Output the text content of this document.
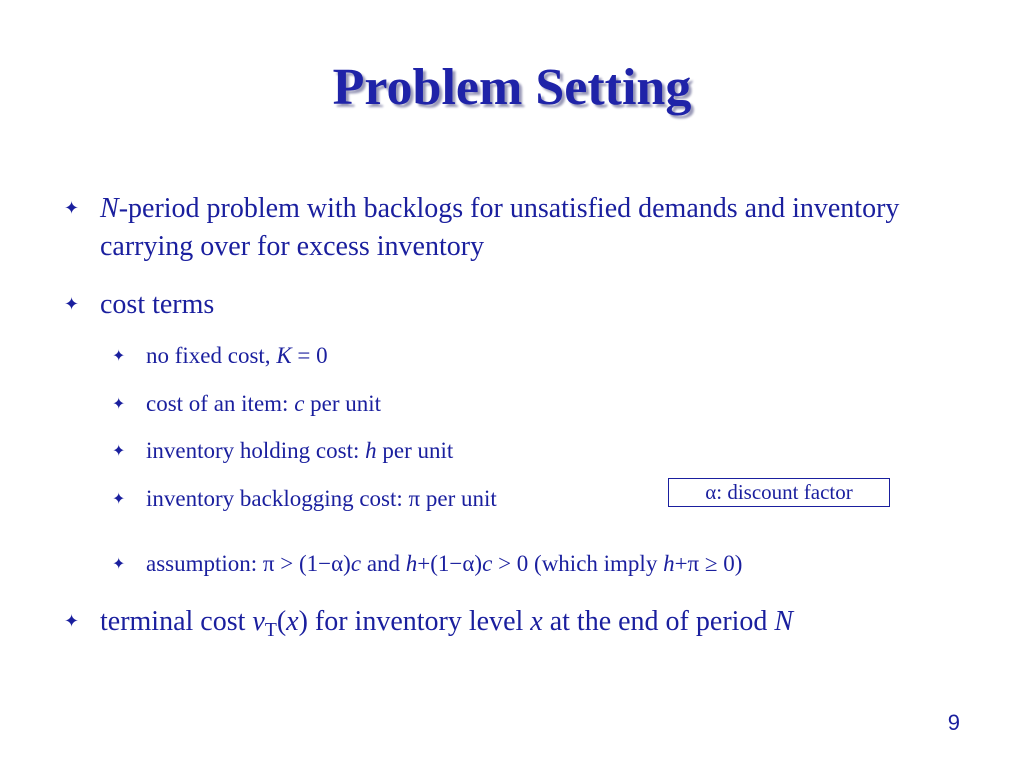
Problem Setting
✦ N-period problem with backlogs for unsatisfied demands and inventory carrying over for excess inventory
✦ cost terms
✦ no fixed cost, K = 0
✦ cost of an item: c per unit
✦ inventory holding cost: h per unit
✦ inventory backlogging cost: π per unit	α: discount factor
✦ assumption: π > (1−α)c and h+(1−α)c > 0 (which imply h+π ≥ 0)
✦ terminal cost $v_T(x)$ for inventory level x at the end of period N
9
